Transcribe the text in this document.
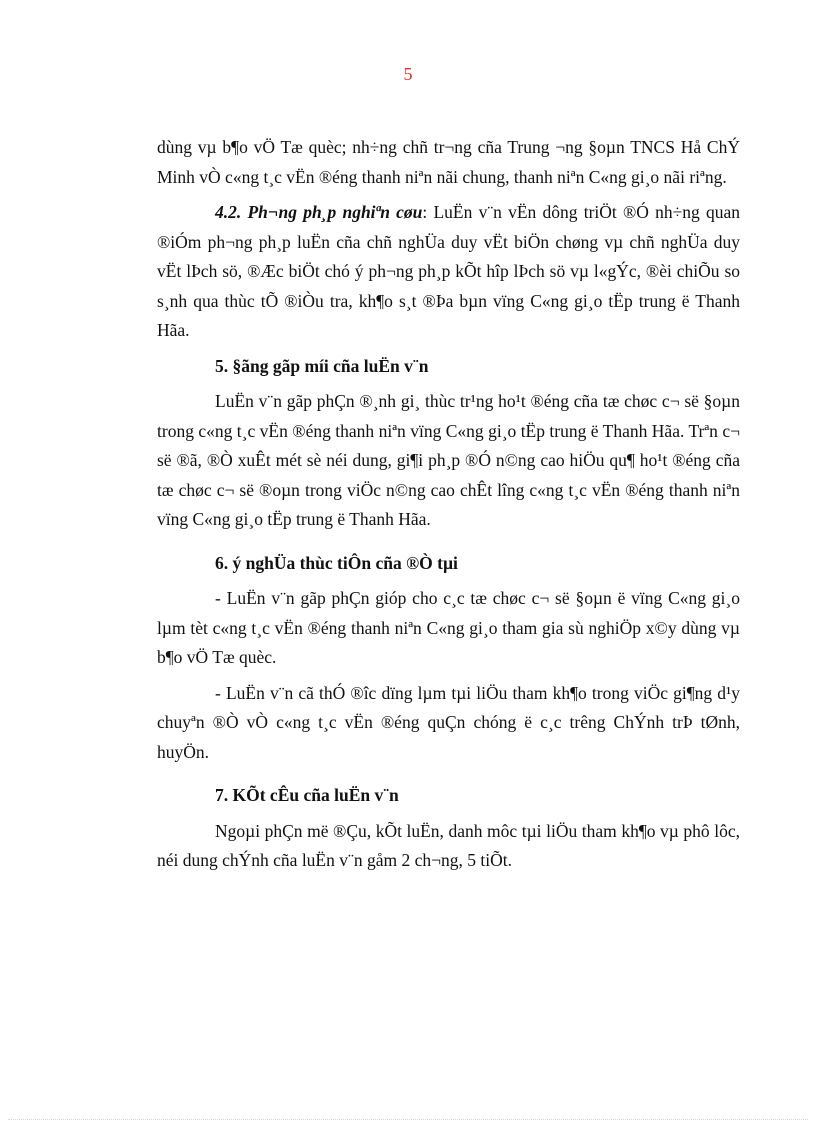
5

dùng vµ b¶o vÖ Tæ quèc; nh÷ng chñ tr¬ng cña Trung ¬ng §oµn TNCS Hå ChÝ Minh vÒ c«ng t¸c vËn ®éng thanh niªn nãi chung, thanh niªn C«ng gi¸o nãi riªng.

4.2. Ph¬ng ph¸p nghiªn cøu: LuËn v¨n vËn dông triÖt ®Ó nh÷ng quan ®iÓm ph¬ng ph¸p luËn cña chñ nghÜa duy vËt biÖn chøng vµ chñ nghÜa duy vËt lÞch sö, ®Æc biÖt chó ý ph¬ng ph¸p kÕt hîp lÞch sö vµ l«gÝc, ®èi chiÕu so s¸nh qua thùc tÕ ®iÒu tra, kh¶o s¸t ®Þa bµn vïng C«ng gi¸o tËp trung ë Thanh Hãa.

5. §ãng gãp míi cña luËn v¨n

LuËn v¨n gãp phÇn ®¸nh gi¸ thùc tr¹ng ho¹t ®éng cña tæ chøc c¬ së §oµn trong c«ng t¸c vËn ®éng thanh niªn vïng C«ng gi¸o tËp trung ë Thanh Hãa. Trªn c¬ së ®ã, ®Ò xuÊt mét sè néi dung, gi¶i ph¸p ®Ó n©ng cao hiÖu qu¶ ho¹t ®éng cña tæ chøc c¬ së ®oµn trong viÖc n©ng cao chÊt lîng c«ng t¸c vËn ®éng thanh niªn vïng C«ng gi¸o tËp trung ë Thanh Hãa.

6. ý nghÜa thùc tiÔn cña ®Ò tµi

- LuËn v¨n gãp phÇn gióp cho c¸c tæ chøc c¬ së §oµn ë vïng C«ng gi¸o lµm tèt c«ng t¸c vËn ®éng thanh niªn C«ng gi¸o tham gia sù nghiÖp x©y dùng vµ b¶o vÖ Tæ quèc.

- LuËn v¨n cã thÓ ®îc dïng lµm tµi liÖu tham kh¶o trong viÖc gi¶ng d¹y chuyªn ®Ò vÒ c«ng t¸c vËn ®éng quÇn chóng ë c¸c trêng ChÝnh trÞ tØnh, huyÖn.

7. KÕt cÊu cña luËn v¨n

Ngoµi phÇn më ®Çu, kÕt luËn, danh môc tµi liÖu tham kh¶o vµ phô lôc, néi dung chÝnh cña luËn v¨n gåm 2 ch¬ng, 5 tiÕt.
